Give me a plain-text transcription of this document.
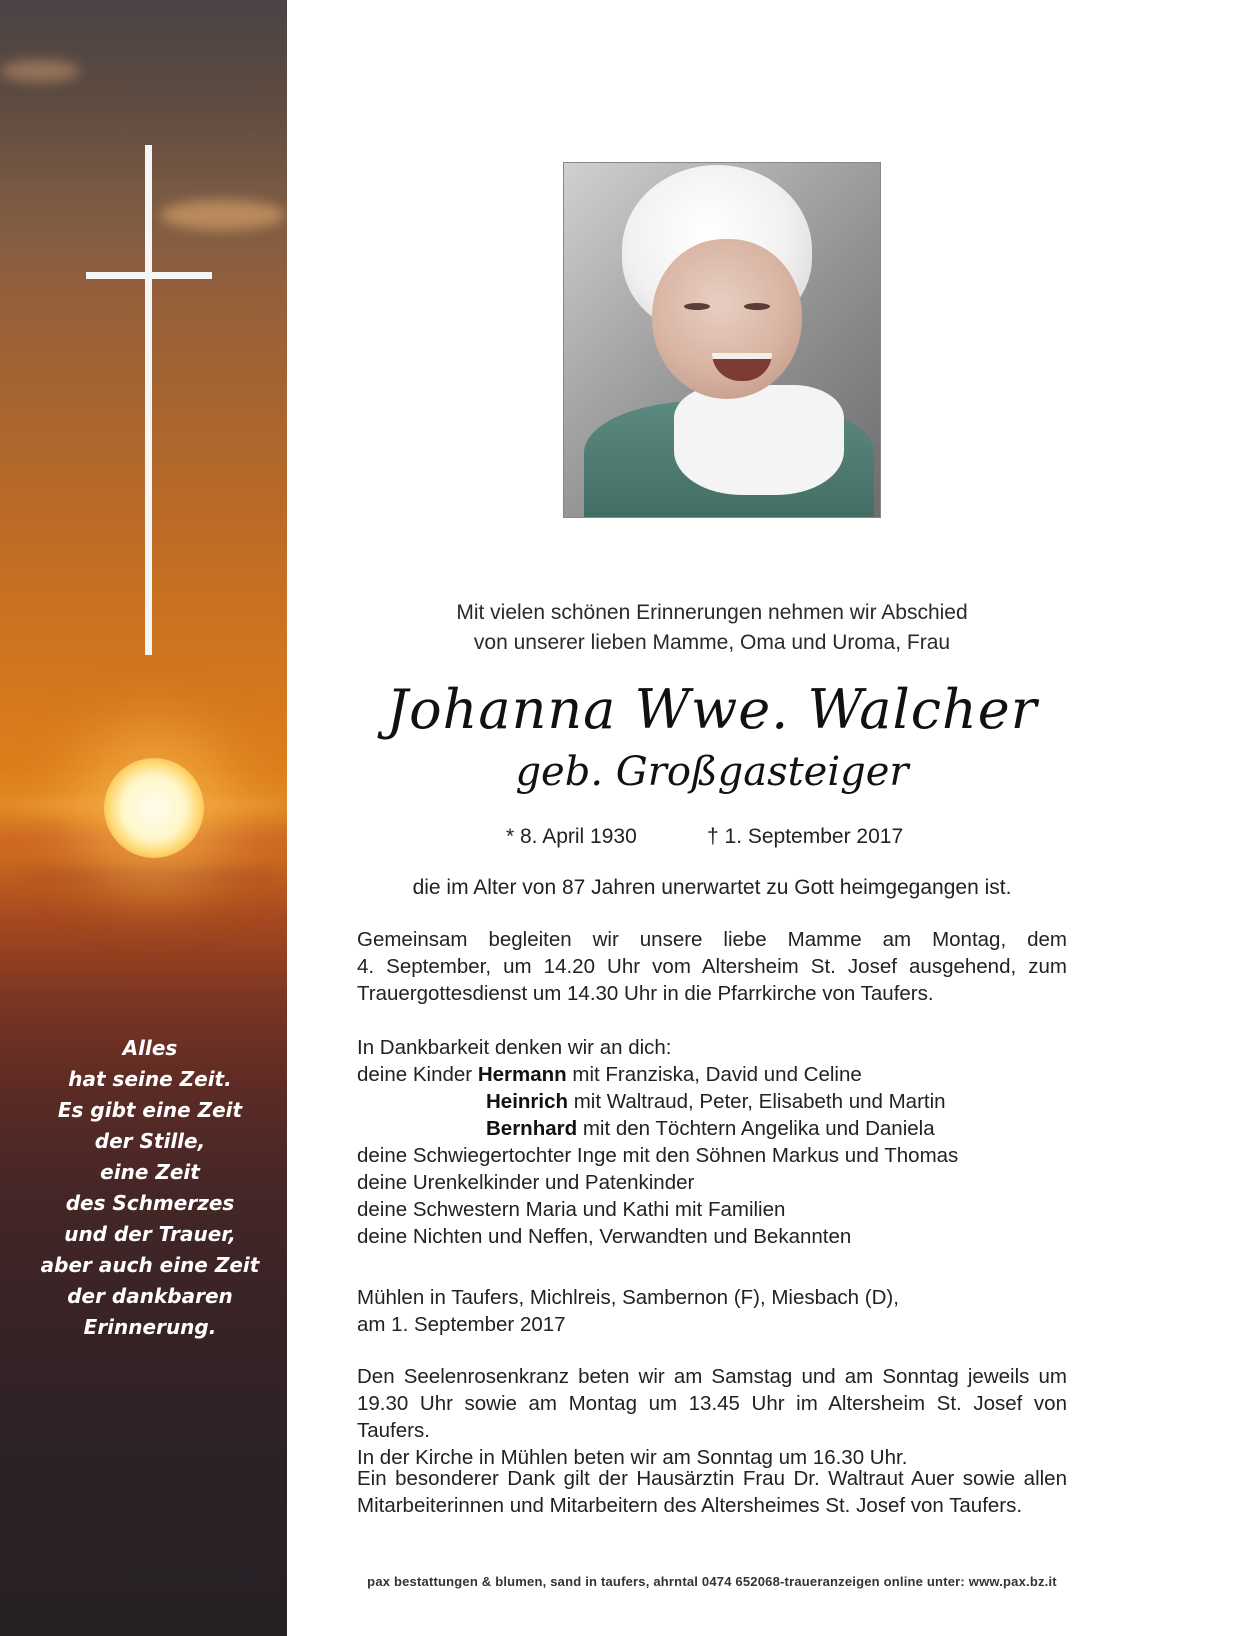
Alles
hat seine Zeit.
Es gibt eine Zeit
der Stille,
eine Zeit
des Schmerzes
und der Trauer,
aber auch eine Zeit
der dankbaren
Erinnerung.
Mit vielen schönen Erinnerungen nehmen wir Abschied
von unserer lieben Mamme, Oma und Uroma, Frau
Johanna Wwe. Walcher
geb. Großgasteiger
* 8. April 1930	† 1. September 2017
die im Alter von 87 Jahren unerwartet zu Gott heimgegangen ist.
Gemeinsam begleiten wir unsere liebe Mamme am Montag, dem
4. September, um 14.20 Uhr vom Altersheim St. Josef ausgehend, zum
Trauergottesdienst um 14.30 Uhr in die Pfarrkirche von Taufers.
In Dankbarkeit denken wir an dich:
deine Kinder Hermann mit Franziska, David und Celine
Heinrich mit Waltraud, Peter, Elisabeth und Martin
Bernhard mit den Töchtern Angelika und Daniela
deine Schwiegertochter Inge mit den Söhnen Markus und Thomas
deine Urenkelkinder und Patenkinder
deine Schwestern Maria und Kathi mit Familien
deine Nichten und Neffen, Verwandten und Bekannten
Mühlen in Taufers, Michlreis, Sambernon (F), Miesbach (D),
am 1. September 2017
Den Seelenrosenkranz beten wir am Samstag und am Sonntag jeweils um
19.30 Uhr sowie am Montag um 13.45 Uhr im Altersheim St. Josef von Taufers.
In der Kirche in Mühlen beten wir am Sonntag um 16.30 Uhr.
Ein besonderer Dank gilt der Hausärztin Frau Dr. Waltraut Auer sowie allen
Mitarbeiterinnen und Mitarbeitern des Altersheimes St. Josef von Taufers.
pax bestattungen & blumen, sand in taufers, ahrntal 0474 652068-traueranzeigen online unter: www.pax.bz.it
